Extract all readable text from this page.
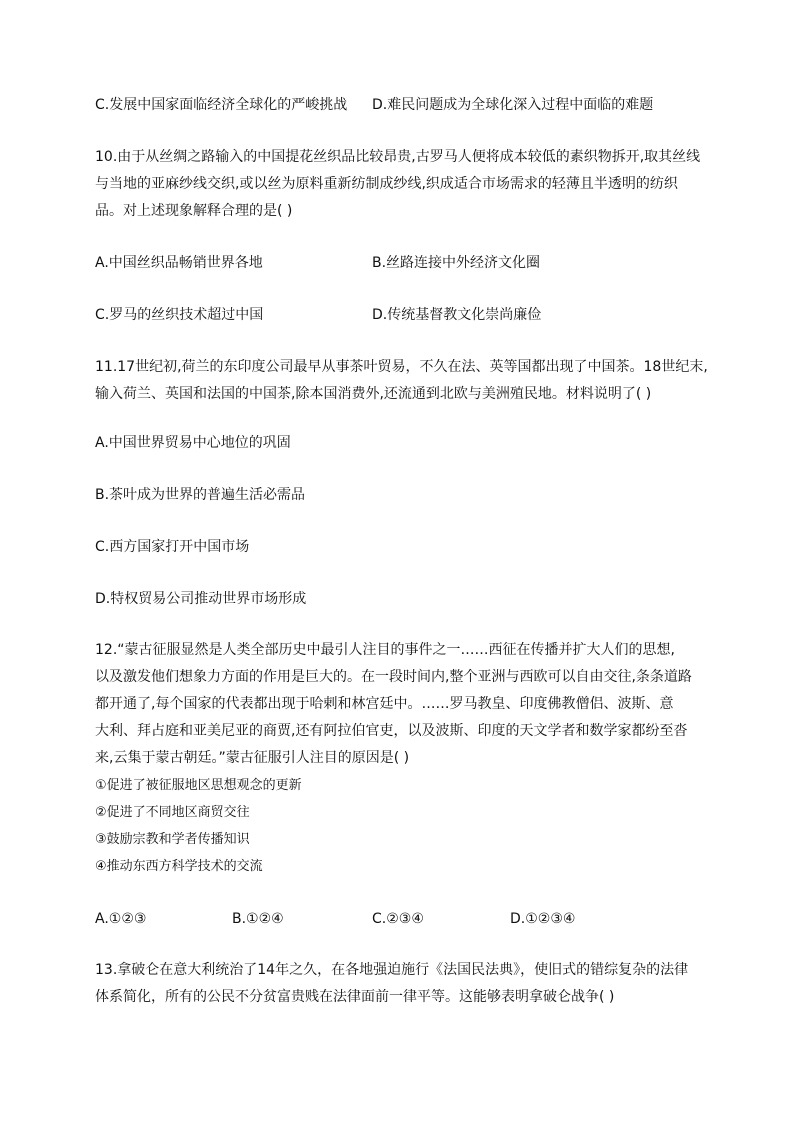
C.发展中国家面临经济全球化的严峻挑战 D.难民问题成为全球化深入过程中面临的难题
10.由于从丝绸之路输入的中国提花丝织品比较昂贵,古罗马人便将成本较低的素织物拆开,取其丝线
与当地的亚麻纱线交织,或以丝为原料重新纺制成纱线,织成适合市场需求的轻薄且半透明的纺织
品。对上述现象解释合理的是( )
A.中国丝织品畅销世界各地	B.丝路连接中外经济文化圈
C.罗马的丝织技术超过中国	D.传统基督教文化崇尚廉俭
11.17世纪初,荷兰的东印度公司最早从事茶叶贸易，不久在法、英等国都出现了中国茶。18世纪末,
输入荷兰、英国和法国的中国茶,除本国消费外,还流通到北欧与美洲殖民地。材料说明了( )
A.中国世界贸易中心地位的巩固
B.茶叶成为世界的普遍生活必需品
C.西方国家打开中国市场
D.特权贸易公司推动世界市场形成
12.“蒙古征服显然是人类全部历史中最引人注目的事件之一……西征在传播并扩大人们的思想,
以及激发他们想象力方面的作用是巨大的。在一段时间内,整个亚洲与西欧可以自由交往,条条道路
都开通了,每个国家的代表都出现于哈剌和林宫廷中。……罗马教皇、印度佛教僧侣、波斯、意
大利、拜占庭和亚美尼亚的商贾,还有阿拉伯官吏，以及波斯、印度的天文学者和数学家都纷至沓
来,云集于蒙古朝廷。”蒙古征服引人注目的原因是( )
①促进了被征服地区思想观念的更新
②促进了不同地区商贸交往
③鼓励宗教和学者传播知识
④推动东西方科学技术的交流
A.①②③	B.①②④	C.②③④	D.①②③④
13.拿破仑在意大利统治了14年之久，在各地强迫施行《法国民法典》，使旧式的错综复杂的法律
体系简化，所有的公民不分贫富贵贱在法律面前一律平等。这能够表明拿破仑战争( )
